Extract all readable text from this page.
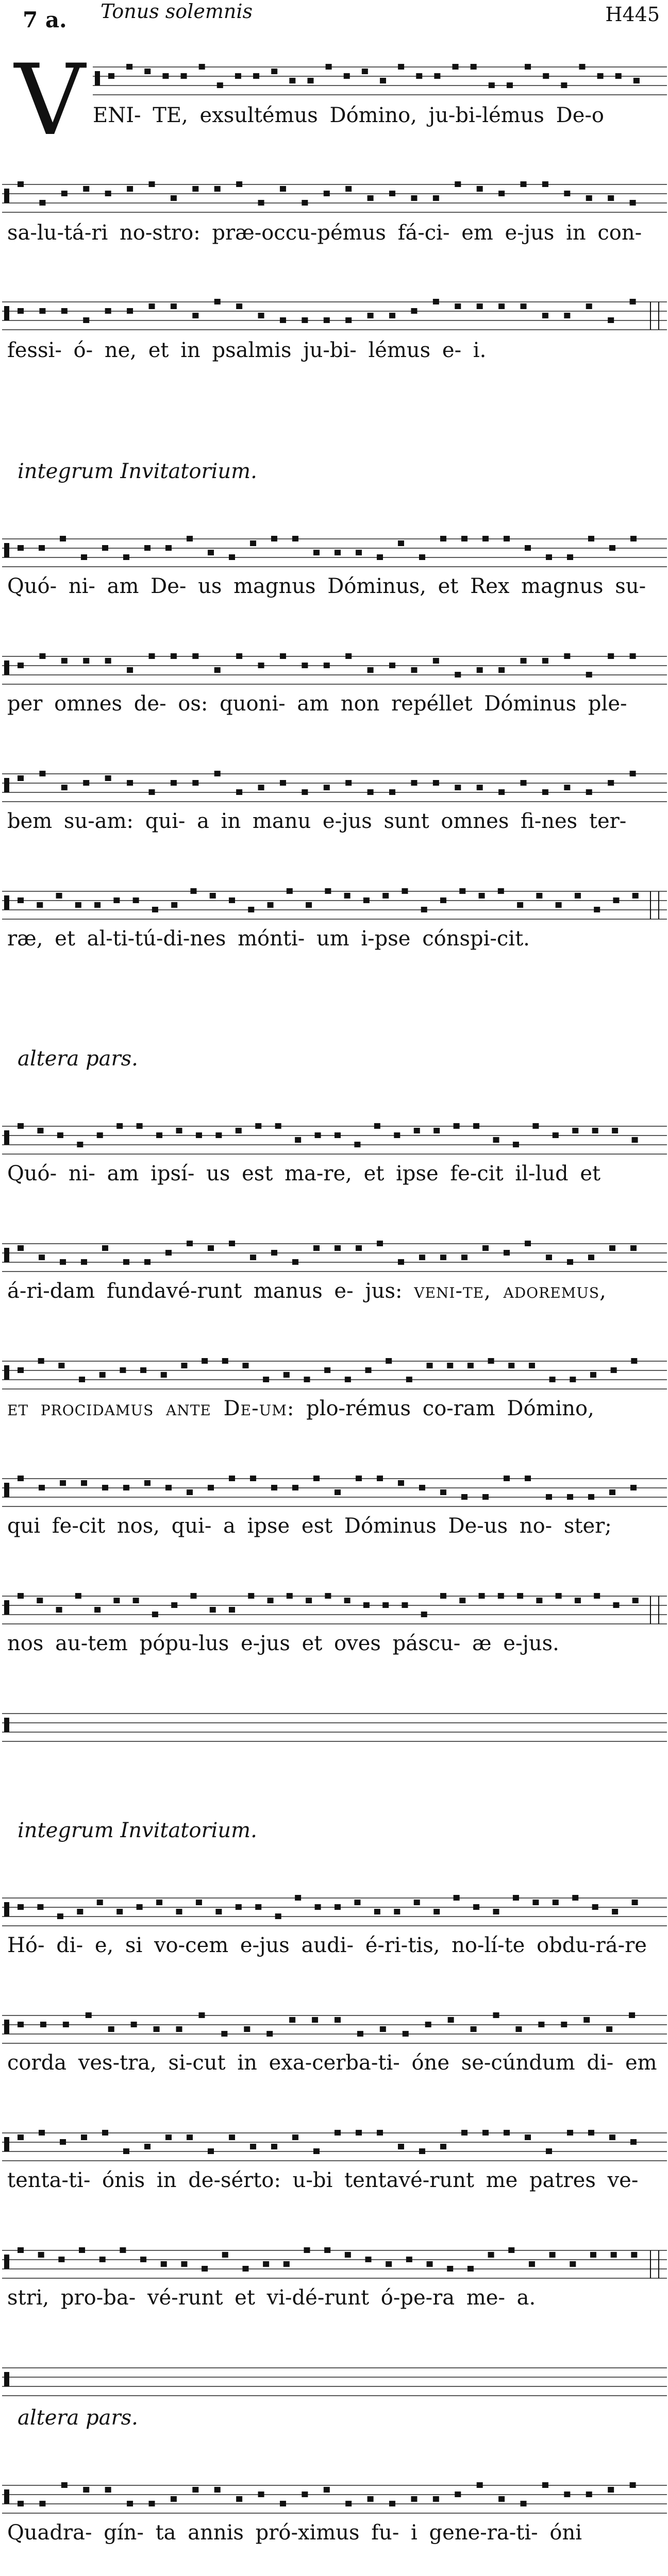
7 a. Tonus solemnis	H445
V
integrum Invitatorium.
altera pars.
integrum Invitatorium.
altera pars.
ENI- TE, exsultémus Dómino, ju-bi-lémus De-o
sa-lu-tá-ri no-stro: præ-occu-pémus fá-ci- em e-jus in con-
fessi- ó- ne, et in psalmis ju-bi- lémus e- i.
Quó- ni- am De- us magnus Dóminus, et Rex magnus su-
per omnes de- os: quoni- am non repéllet Dóminus ple-
bem su-am: qui- a in manu e-jus sunt omnes fi-nes ter-
ræ, et al-ti-tú-di-nes mónti- um i-pse cónspi-cit.
Quó- ni- am ipsí- us est ma-re, et ipse fe-cit il-lud et
á-ri-dam fundavé-runt manus e- jus: veni-te, adoremus,
et procidamus ante De-um: plo-rémus co-ram Dómino,
qui fe-cit nos, qui- a ipse est Dóminus De-us no- ster;
nos au-tem pópu-lus e-jus et oves páscu- æ e-jus.
Hó- di- e, si vo-cem e-jus audi- é-ri-tis, no-lí-te obdu-rá-re
corda ves-tra, si-cut in exa-cerba-ti- óne se-cúndum di- em
tenta-ti- ónis in de-sérto: u-bi tentavé-runt me patres ve-
stri, pro-ba- vé-runt et vi-dé-runt ó-pe-ra me- a.
Quadra- gín- ta annis pró-ximus fu- i gene-ra-ti- óni
